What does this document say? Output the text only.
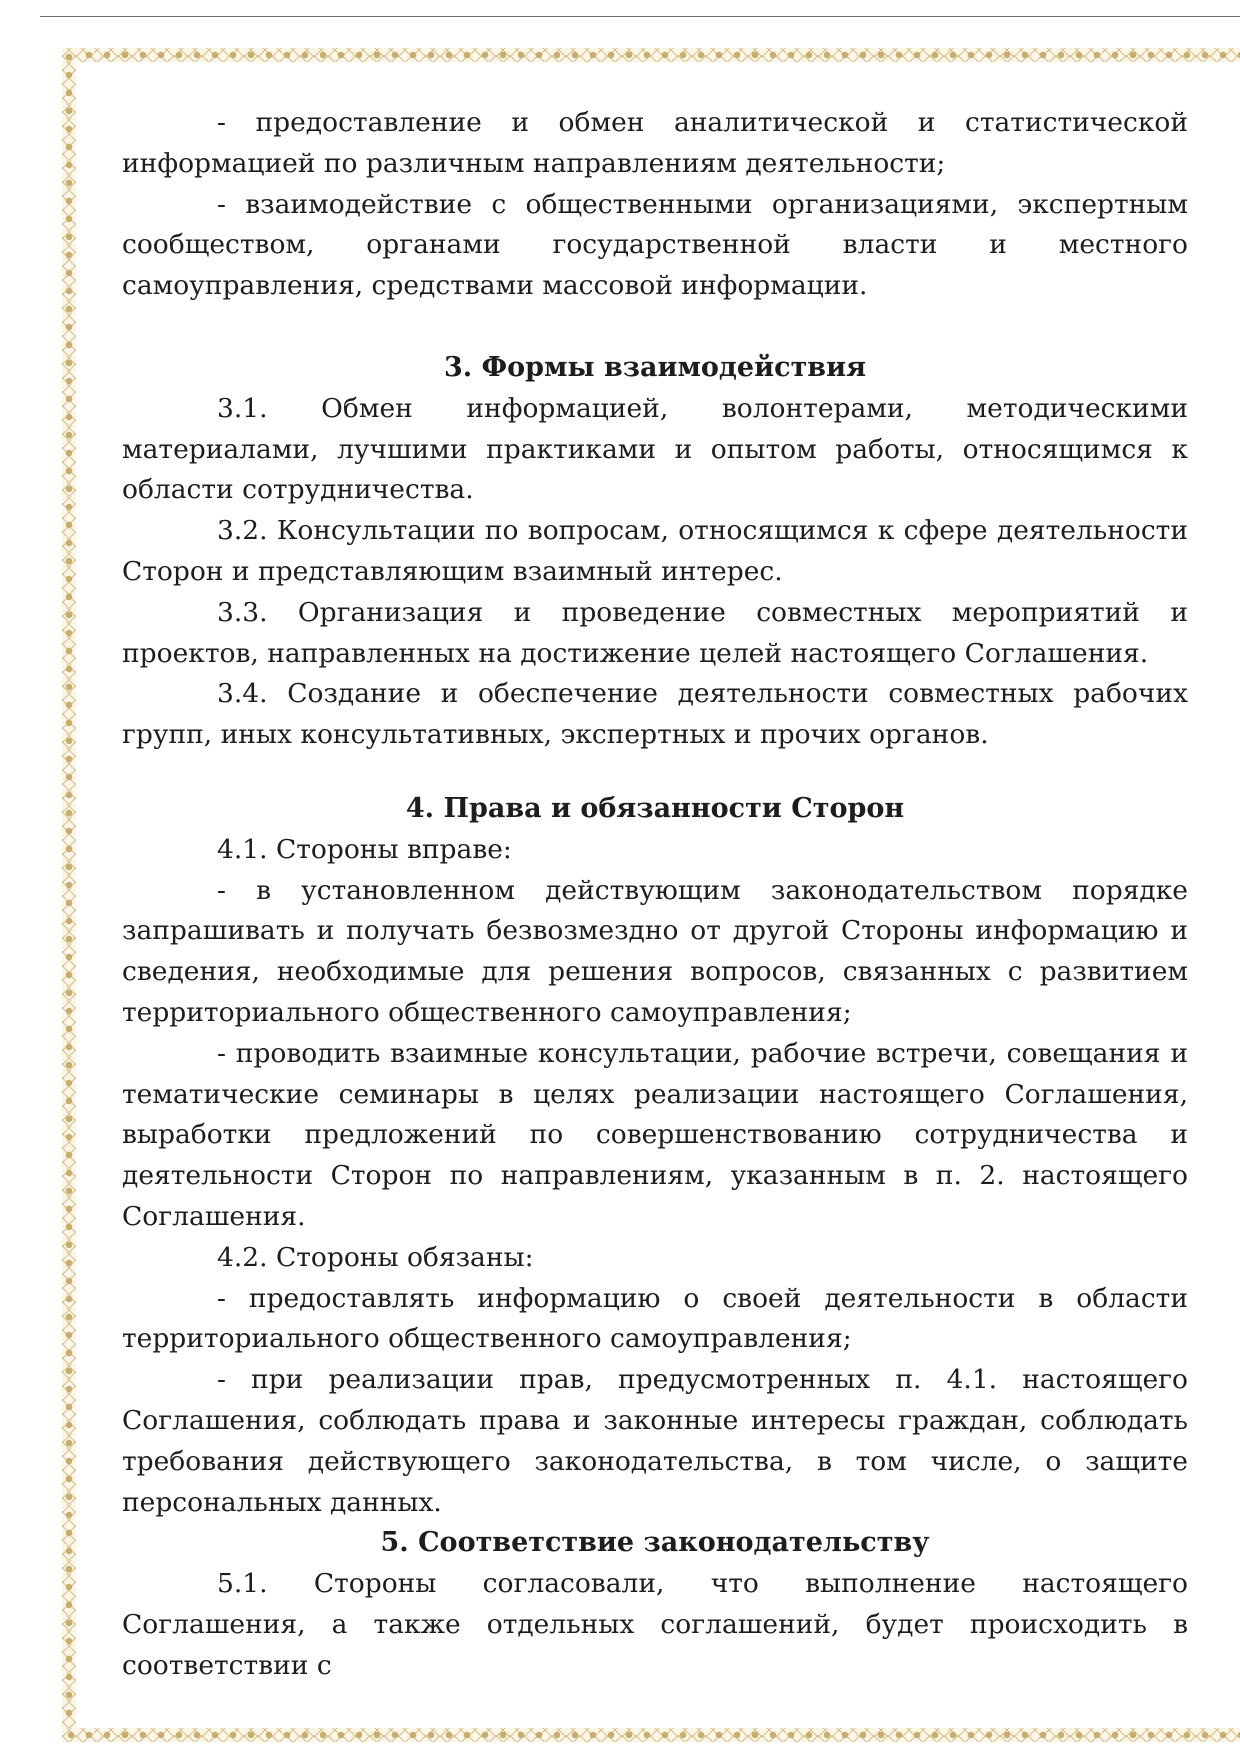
- предоставление и обмен аналитической и статистической информацией по различным направлениям деятельности;

- взаимодействие с общественными организациями, экспертным сообществом, органами государственной власти и местного самоуправления, средствами массовой информации.

3. Формы взаимодействия

3.1. Обмен информацией, волонтерами, методическими материалами, лучшими практиками и опытом работы, относящимся к области сотрудничества.

3.2. Консультации по вопросам, относящимся к сфере деятельности Сторон и представляющим взаимный интерес.

3.3. Организация и проведение совместных мероприятий и проектов, направленных на достижение целей настоящего Соглашения.

3.4. Создание и обеспечение деятельности совместных рабочих групп, иных консультативных, экспертных и прочих органов.

4. Права и обязанности Сторон

4.1. Стороны вправе:

- в установленном действующим законодательством порядке запрашивать и получать безвозмездно от другой Стороны информацию и сведения, необходимые для решения вопросов, связанных с развитием территориального общественного самоуправления;

- проводить взаимные консультации, рабочие встречи, совещания и тематические семинары в целях реализации настоящего Соглашения, выработки предложений по совершенствованию сотрудничества и деятельности Сторон по направлениям, указанным в п. 2. настоящего Соглашения.

4.2. Стороны обязаны:

- предоставлять информацию о своей деятельности в области территориального общественного самоуправления;

- при реализации прав, предусмотренных п. 4.1. настоящего Соглашения, соблюдать права и законные интересы граждан, соблюдать требования действующего законодательства, в том числе, о защите персональных данных.

5. Соответствие законодательству

5.1. Стороны согласовали, что выполнение настоящего Соглашения, а также отдельных соглашений, будет происходить в соответствии с
